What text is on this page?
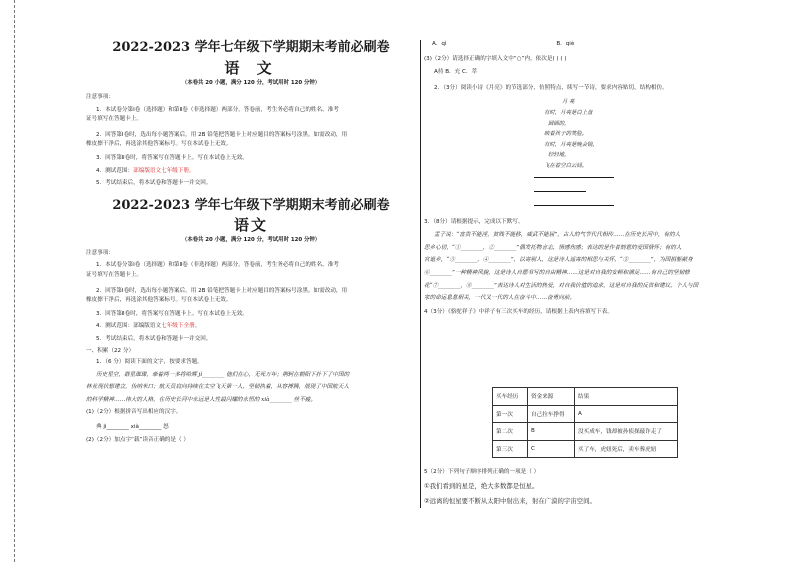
2022-2023 学年七年级下学期期末考前必刷卷
语 文
（本卷共 20 小题，满分 120 分，考试用时 120 分钟）
注意事项：
1．本试卷分第Ⅰ卷（选择题）和第Ⅱ卷（非选择题）两部分。答卷前，考生务必将自己的姓名、准考
证号填写在答题卡上。
2．回答第Ⅰ卷时，选出每小题答案后，用 2B 铅笔把答题卡上对应题目的答案标号涂黑。如需改动，用
橡皮擦干净后，再选涂其他答案标号。写在本试卷上无效。
3．回答第Ⅱ卷时，将答案写在答题卡上。写在本试卷上无效。
4．测试范围：部编版语文七年级下册。
5．考试结束后，将本试卷和答题卡一并交回。
2022-2023 学年七年级下学期期末考前必刷卷
语文
（本卷共 20 小题，满分 120 分，考试用时 120 分钟）
注意事项：
1．本试卷分第Ⅰ卷（选择题）和第Ⅱ卷（非选择题）两部分。答卷前，考生务必将自己的姓名、准考
证号填写在答题卡上。
2．回答第Ⅰ卷时，选出每小题答案后，用 2B 铅笔把答题卡上对应题目的答案标号涂黑。如需改动，用
橡皮擦干净后，再选涂其他答案标号。写在本试卷上无效。
3．回答第Ⅱ卷时，将答案写在答题卡上。写在本试卷上无效。
4．测试范围：部编版语文七年级下全册。
5．考试结束后，将本试卷和答题卡一并交回。
一、积累（22 分）
1．（6 分）阅读下面的文字，按要求答题。
历史星空，群星璀璨，牵着两一多将哈辉 jì________ 他们在心，无死万年；荆轲在朝阳下扑下了中国的
林业现状想建立，伪纳米口；航天员肩向持续在太空飞天第一人，坚韧执着，从容搏腾，展现了中国航天人
的科学精神……伟大的人格，在历史长河中永远是人性最闪耀的永恒的 xià________ 丝不疲。
(1)（2分）根据拼音写出相应的汉字。
典 jì________ xià________ 怒
(2)（2分）加点字“载”读音正确的是（ ）
A．qì	B．qiè
(3)（2分）请选择正确的字填入文中“○”内，依次是( ) ( )
A持 B．充 C．萃
2．（3分）阅读小诗《月亮》的节选部分，仿照特点，续写一节诗，要求内容贴切，结构相仿。
月 亮
有时，月亮是白上盘
圆圆的，
映着孩子的笑脸。
有时，月亮是晚会镜，
轻轻地，
飞在着空白云间。
3．（8分）请根据提示，完成以下默写。
孟子说：“富贵不能淫，贫贱不能移，威武不能屈”，古人的气节代代相传……在历史长河中，有的人
思乡心切，“①________，②________”偶发托物言志，情感伤感；表达的是作者刻意的爱国情怀；有的人
官逝乡，“③________，④________”，以寄别人，这是诗人遥寄的相思与关怀，“⑤________”，为国捐躯献身
⑥________”一种精神风貌，这是诗人自愿书写的自由精神……这是对自我的安顿和满足……有自己的坚韧修
花“⑦________，⑧________”表达诗人对生活的热爱，对自我价值的追求，这是对自我的反省和建议。个人与国
家的命运息息相关，一代又一代的人在奋斗中……奋勇向前。
4（3分）《骆驼祥子》中祥子有三次买车的经历，请根据上表内容填写下表。
买车经历	资金来源	结果
第一次	自己拉车挣得	A
第二次	B	没买成车，钱却被孙侦探敲诈走了
第三次	C	买了车，虎妞死后，卖车葬虎妞
5（2分）下列句子顺序排列正确的一项是（ ）
①我们看到的星是，绝大多数都是恒星。
②远离的恒星要不断从太阳中射出来，射在广漠的宇宙空间。
